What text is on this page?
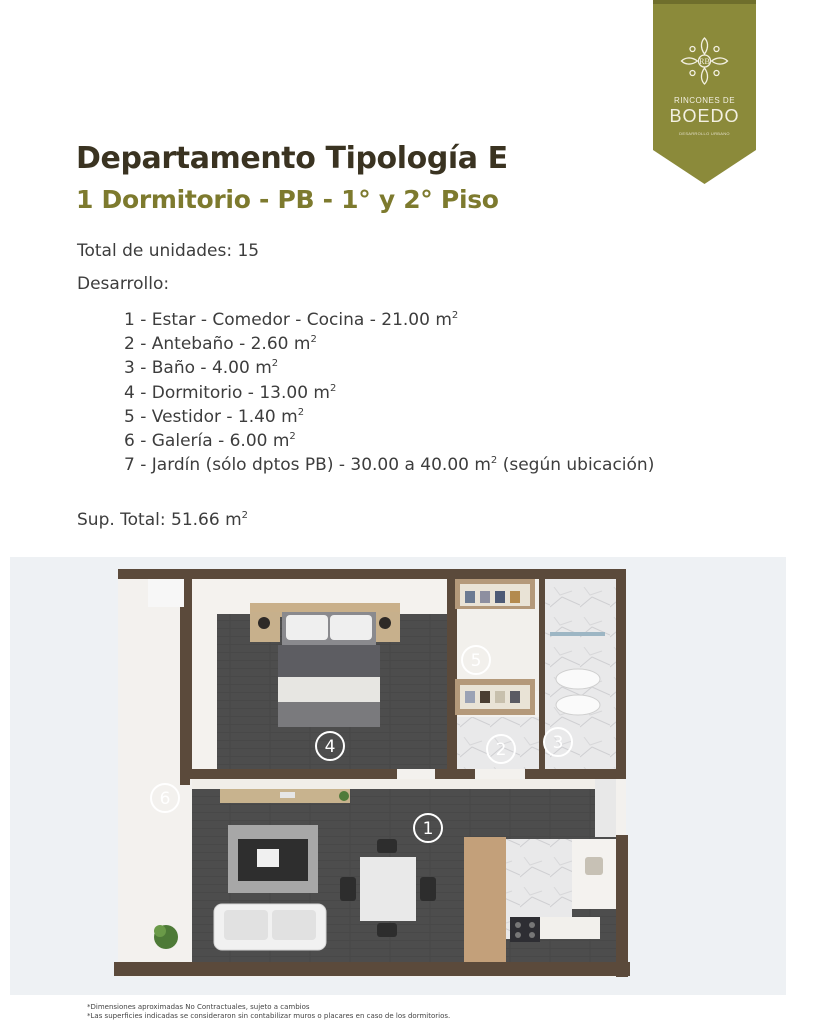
RB
RINCONES DE
BOEDO
DESARROLLO URBANO
Departamento Tipología E
1 Dormitorio - PB - 1° y 2° Piso
Total de unidades: 15
Desarrollo:
1 - Estar - Comedor - Cocina - 21.00 $m^2$
2 - Antebaño - 2.60 $m^2$
3 - Baño - 4.00 $m^2$
4 - Dormitorio - 13.00 $m^2$
5 - Vestidor - 1.40 $m^2$
6 - Galería - 6.00 $m^2$
7 - Jardín (sólo dptos PB) - 30.00 a 40.00 $m^2$ (según ubicación)
Sup. Total: 51.66 $m^2$
1
2	3
4
5
6
*Dimensiones aproximadas No Contractuales, sujeto a cambios
*Las superficies indicadas se consideraron sin contabilizar muros o placares en caso de los dormitorios.
